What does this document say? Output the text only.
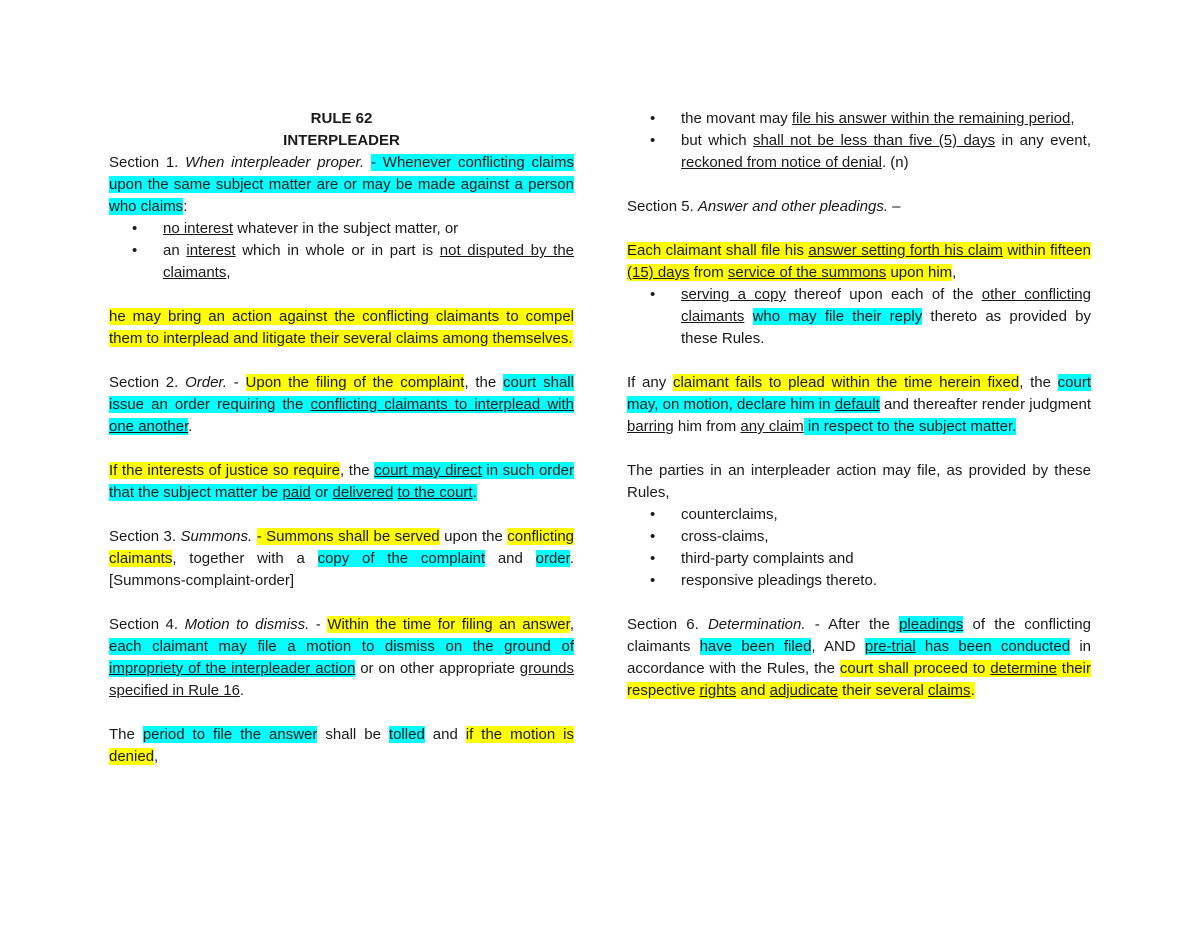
RULE 62

INTERPLEADER

Section 1. When interpleader proper. - Whenever conflicting claims upon the same subject matter are or may be made against a person who claims:

• no interest whatever in the subject matter, or
• an interest which in whole or in part is not disputed by the claimants,

he may bring an action against the conflicting claimants to compel them to interplead and litigate their several claims among themselves.

Section 2. Order. - Upon the filing of the complaint, the court shall issue an order requiring the conflicting claimants to interplead with one another.

If the interests of justice so require, the court may direct in such order that the subject matter be paid or delivered to the court.

Section 3. Summons. - Summons shall be served upon the conflicting claimants, together with a copy of the complaint and order. [Summons-complaint-order]

Section 4. Motion to dismiss. - Within the time for filing an answer, each claimant may file a motion to dismiss on the ground of impropriety of the interpleader action or on other appropriate grounds specified in Rule 16.

The period to file the answer shall be tolled and if the motion is denied,

• the movant may file his answer within the remaining period,
• but which shall not be less than five (5) days in any event, reckoned from notice of denial. (n)

Section 5. Answer and other pleadings. –

Each claimant shall file his answer setting forth his claim within fifteen (15) days from service of the summons upon him,

• serving a copy thereof upon each of the other conflicting claimants who may file their reply thereto as provided by these Rules.

If any claimant fails to plead within the time herein fixed, the court may, on motion, declare him in default and thereafter render judgment barring him from any claim in respect to the subject matter.

The parties in an interpleader action may file, as provided by these Rules,

• counterclaims,
• cross-claims,
• third-party complaints and
• responsive pleadings thereto.

Section 6. Determination. - After the pleadings of the conflicting claimants have been filed, AND pre-trial has been conducted in accordance with the Rules, the court shall proceed to determine their respective rights and adjudicate their several claims.
